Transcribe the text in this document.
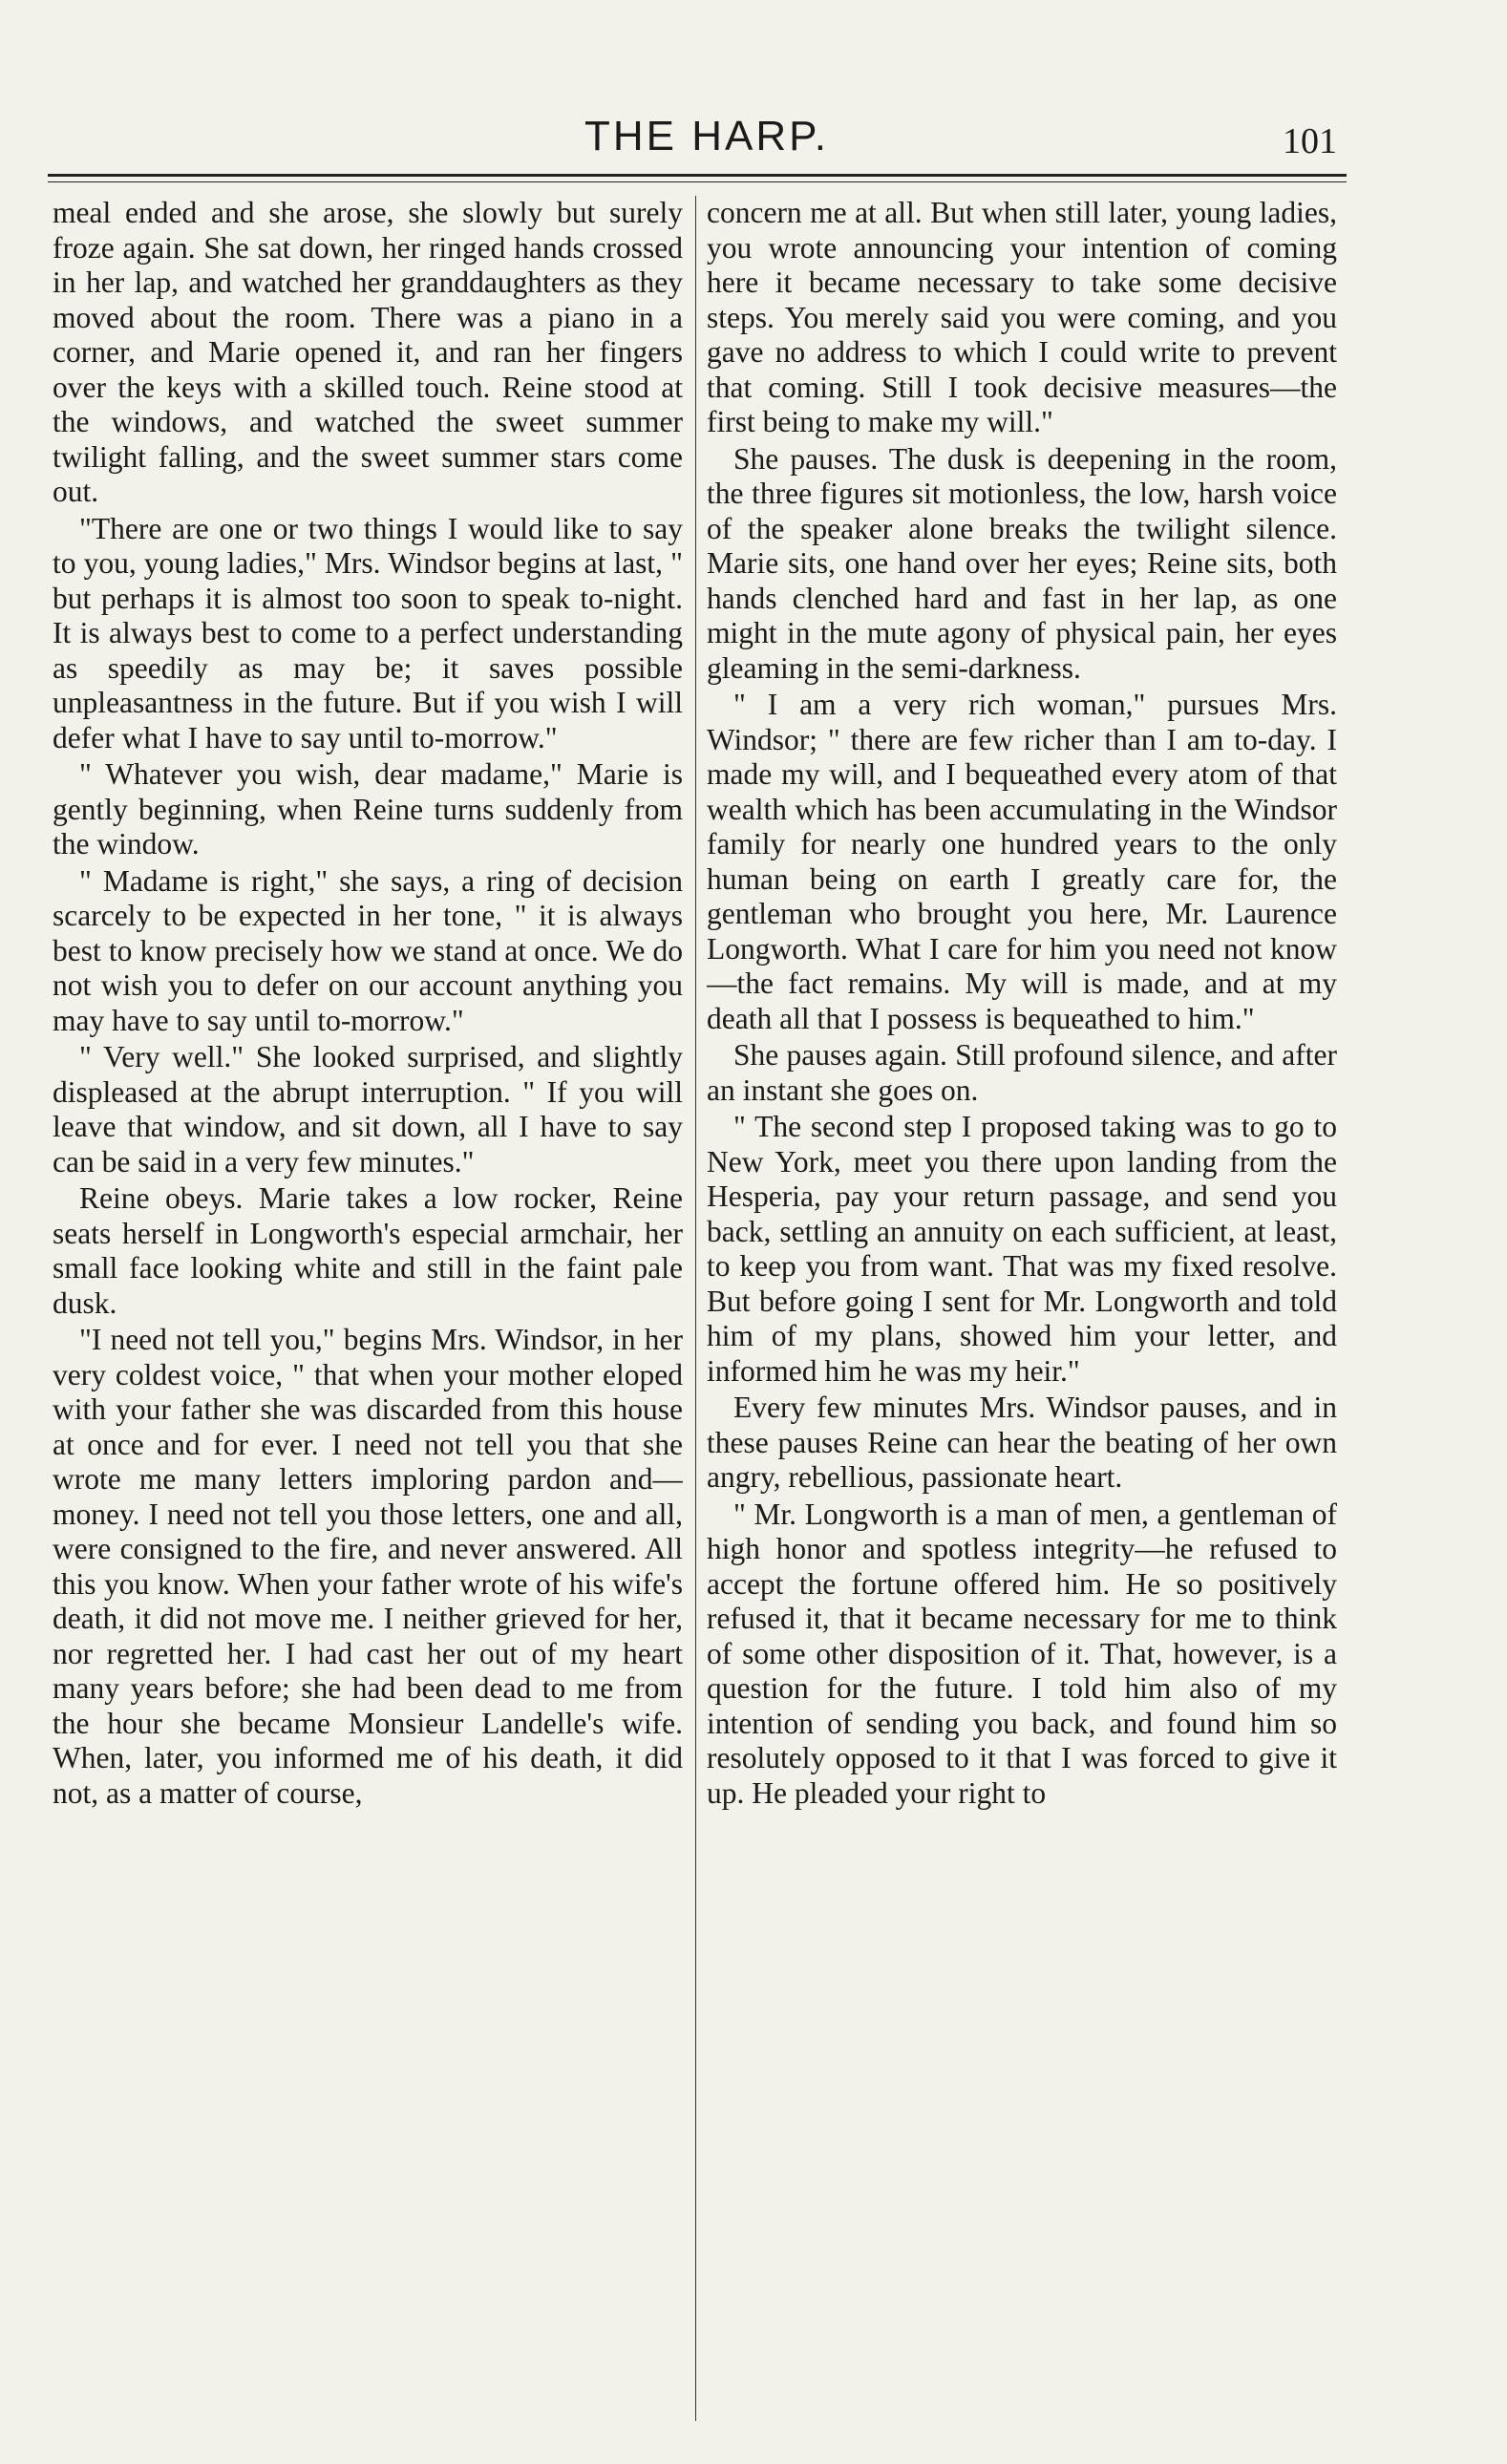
THE HARP.	101

meal ended and she arose, she slowly but surely froze again. She sat down, her ringed hands crossed in her lap, and watched her granddaughters as they moved about the room. There was a piano in a corner, and Marie opened it, and ran her fingers over the keys with a skilled touch. Reine stood at the windows, and watched the sweet summer twilight falling, and the sweet summer stars come out.

"There are one or two things I would like to say to you, young ladies," Mrs. Windsor begins at last, " but perhaps it is almost too soon to speak to-night. It is always best to come to a perfect understanding as speedily as may be; it saves possible unpleasantness in the future. But if you wish I will defer what I have to say until to-morrow."

" Whatever you wish, dear madame," Marie is gently beginning, when Reine turns suddenly from the window.

" Madame is right," she says, a ring of decision scarcely to be expected in her tone, " it is always best to know precisely how we stand at once. We do not wish you to defer on our account anything you may have to say until to-morrow."

" Very well." She looked surprised, and slightly displeased at the abrupt interruption. " If you will leave that window, and sit down, all I have to say can be said in a very few minutes."

Reine obeys. Marie takes a low rocker, Reine seats herself in Longworth's especial armchair, her small face looking white and still in the faint pale dusk.

"I need not tell you," begins Mrs. Windsor, in her very coldest voice, " that when your mother eloped with your father she was discarded from this house at once and for ever. I need not tell you that she wrote me many letters imploring pardon and—money. I need not tell you those letters, one and all, were consigned to the fire, and never answered. All this you know. When your father wrote of his wife's death, it did not move me. I neither grieved for her, nor regretted her. I had cast her out of my heart many years before; she had been dead to me from the hour she became Monsieur Landelle's wife. When, later, you informed me of his death, it did not, as a matter of course,

concern me at all. But when still later, young ladies, you wrote announcing your intention of coming here it became necessary to take some decisive steps. You merely said you were coming, and you gave no address to which I could write to prevent that coming. Still I took decisive measures—the first being to make my will."

She pauses. The dusk is deepening in the room, the three figures sit motionless, the low, harsh voice of the speaker alone breaks the twilight silence. Marie sits, one hand over her eyes; Reine sits, both hands clenched hard and fast in her lap, as one might in the mute agony of physical pain, her eyes gleaming in the semi-darkness.

" I am a very rich woman," pursues Mrs. Windsor; " there are few richer than I am to-day. I made my will, and I bequeathed every atom of that wealth which has been accumulating in the Windsor family for nearly one hundred years to the only human being on earth I greatly care for, the gentleman who brought you here, Mr. Laurence Longworth. What I care for him you need not know—the fact remains. My will is made, and at my death all that I possess is bequeathed to him."

She pauses again. Still profound silence, and after an instant she goes on.

" The second step I proposed taking was to go to New York, meet you there upon landing from the Hesperia, pay your return passage, and send you back, settling an annuity on each sufficient, at least, to keep you from want. That was my fixed resolve. But before going I sent for Mr. Longworth and told him of my plans, showed him your letter, and informed him he was my heir."

Every few minutes Mrs. Windsor pauses, and in these pauses Reine can hear the beating of her own angry, rebellious, passionate heart.

" Mr. Longworth is a man of men, a gentleman of high honor and spotless integrity—he refused to accept the fortune offered him. He so positively refused it, that it became necessary for me to think of some other disposition of it. That, however, is a question for the future. I told him also of my intention of sending you back, and found him so resolutely opposed to it that I was forced to give it up. He pleaded your right to
